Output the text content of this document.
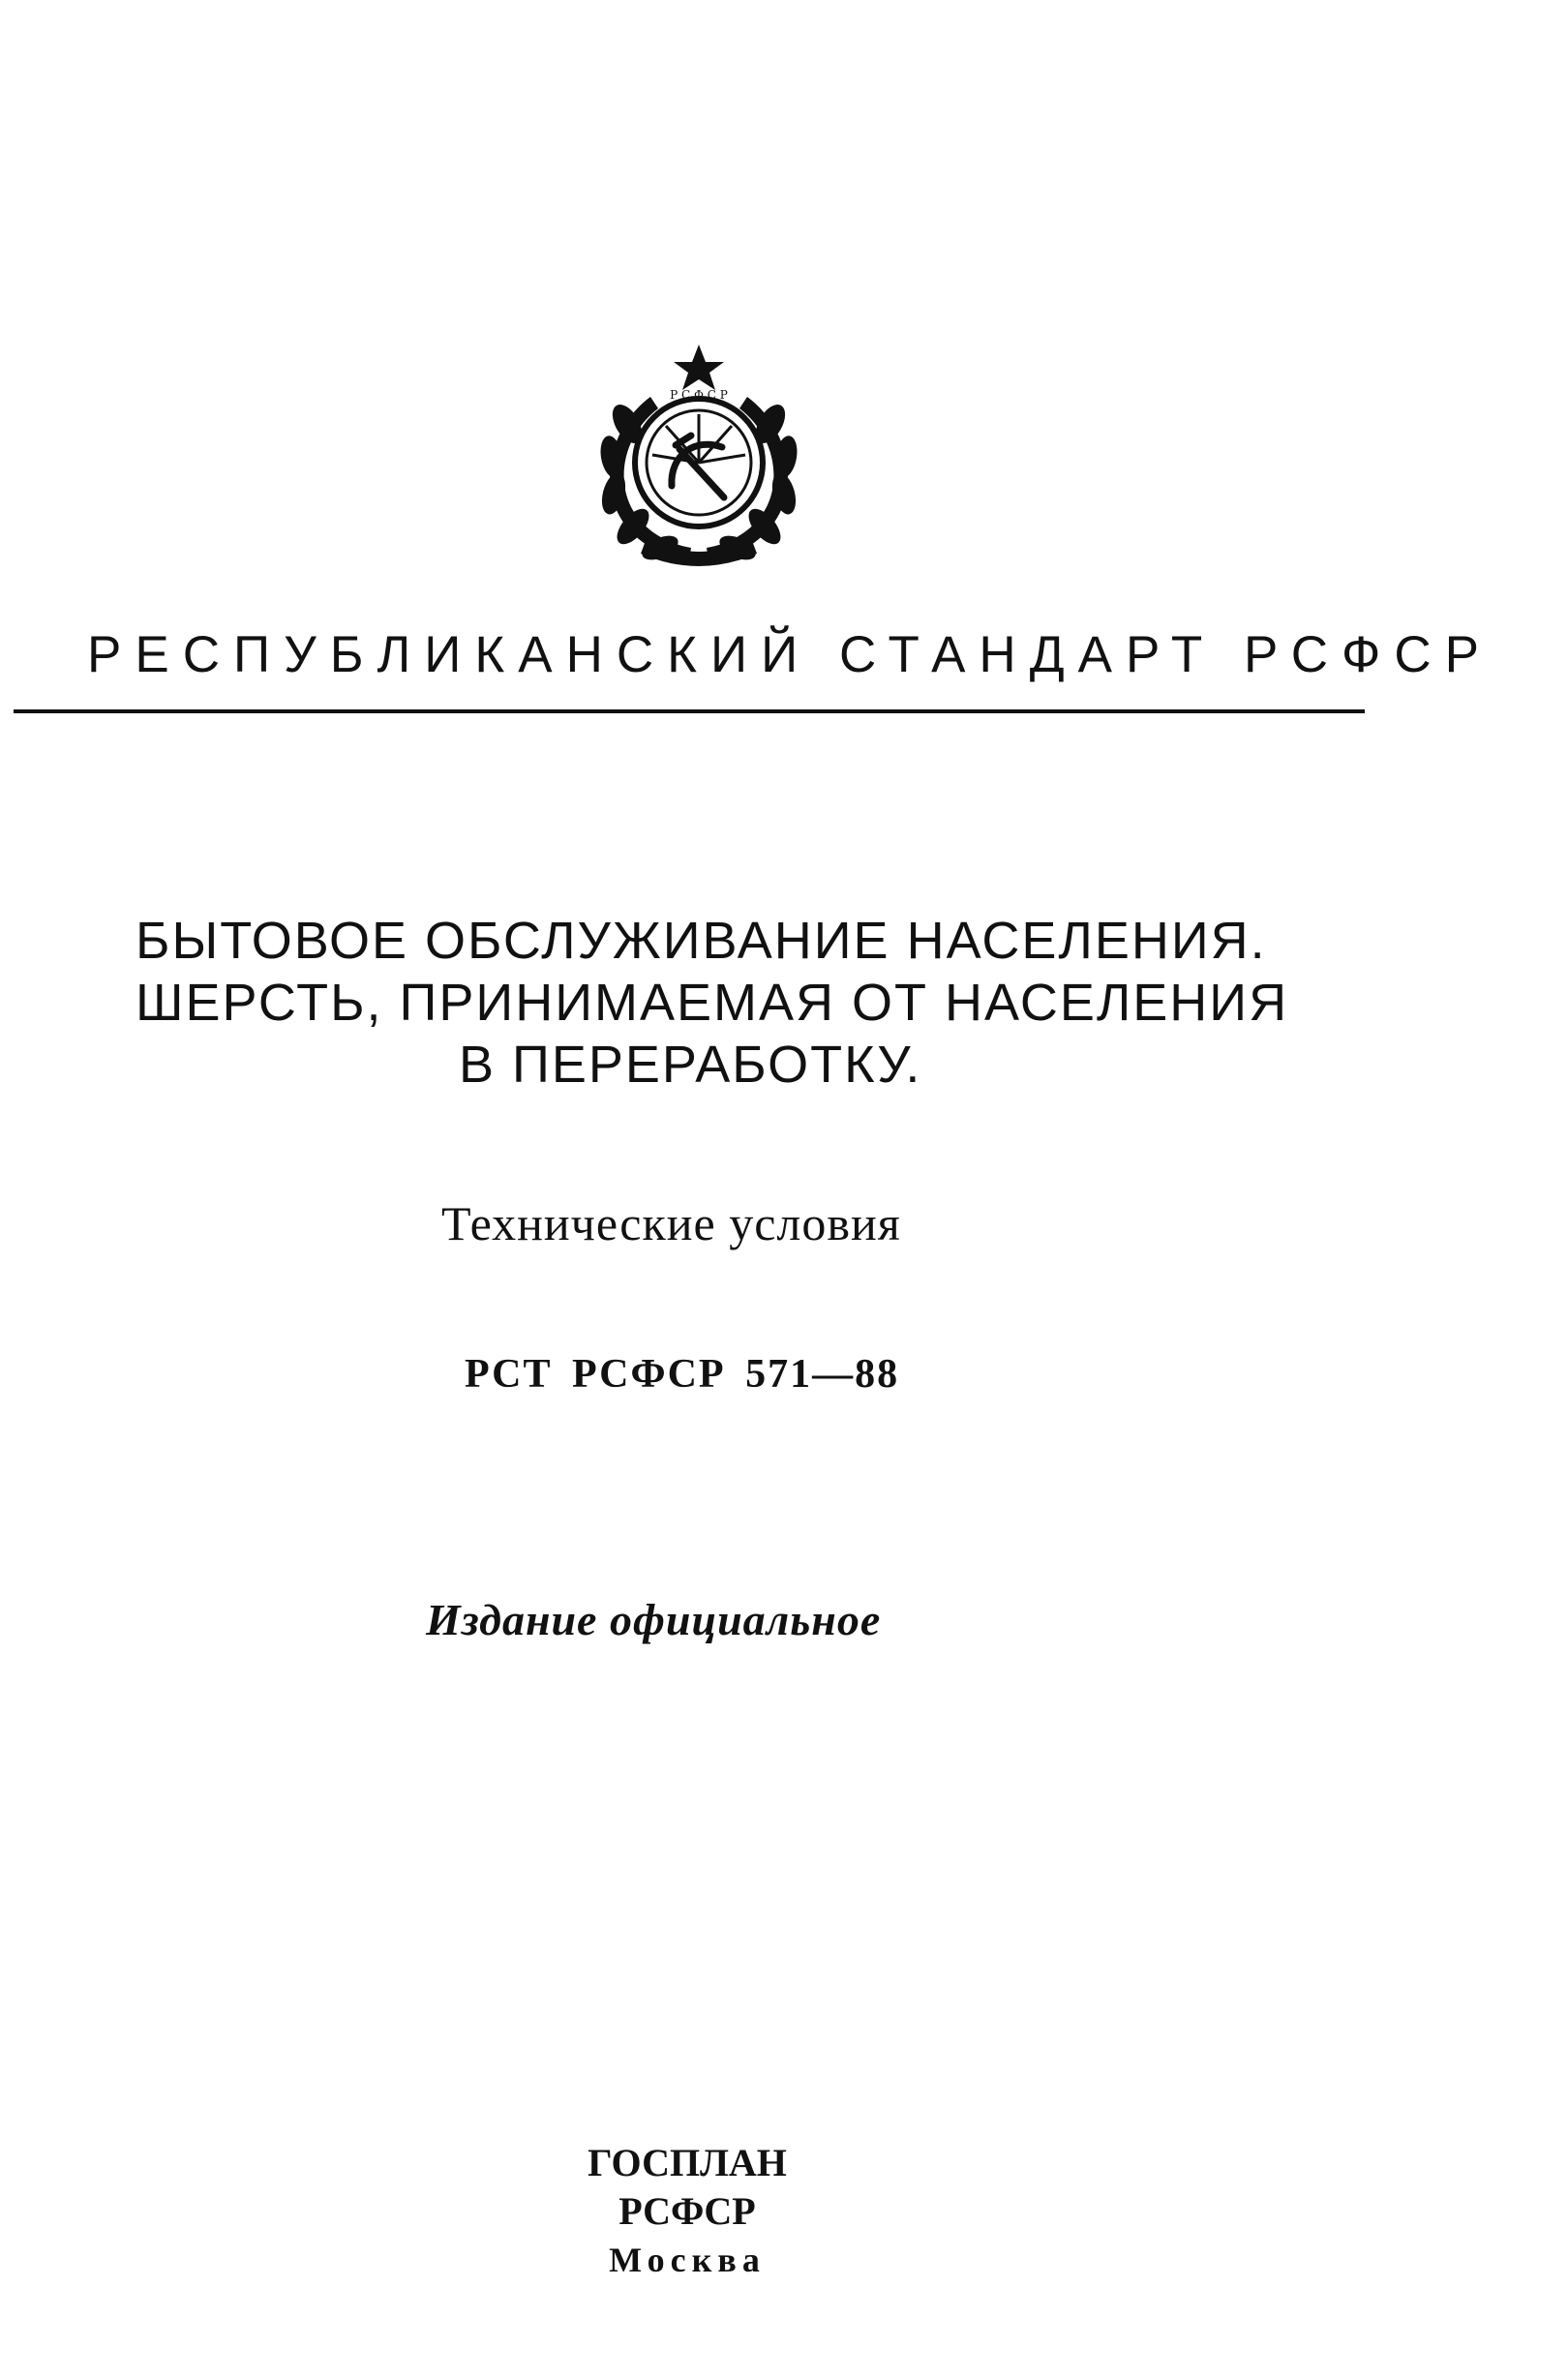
Р С Ф С Р
РЕСПУБЛИКАНСКИЙ СТАНДАРТ РСФСР
БЫТОВОЕ ОБСЛУЖИВАНИЕ НАСЕЛЕНИЯ.
ШЕРСТЬ, ПРИНИМАЕМАЯ ОТ НАСЕЛЕНИЯ
В ПЕРЕРАБОТКУ.
Технические условия
РСТ РСФСР 571—88
Издание официальное
ГОСПЛАН РСФСР
Москва
